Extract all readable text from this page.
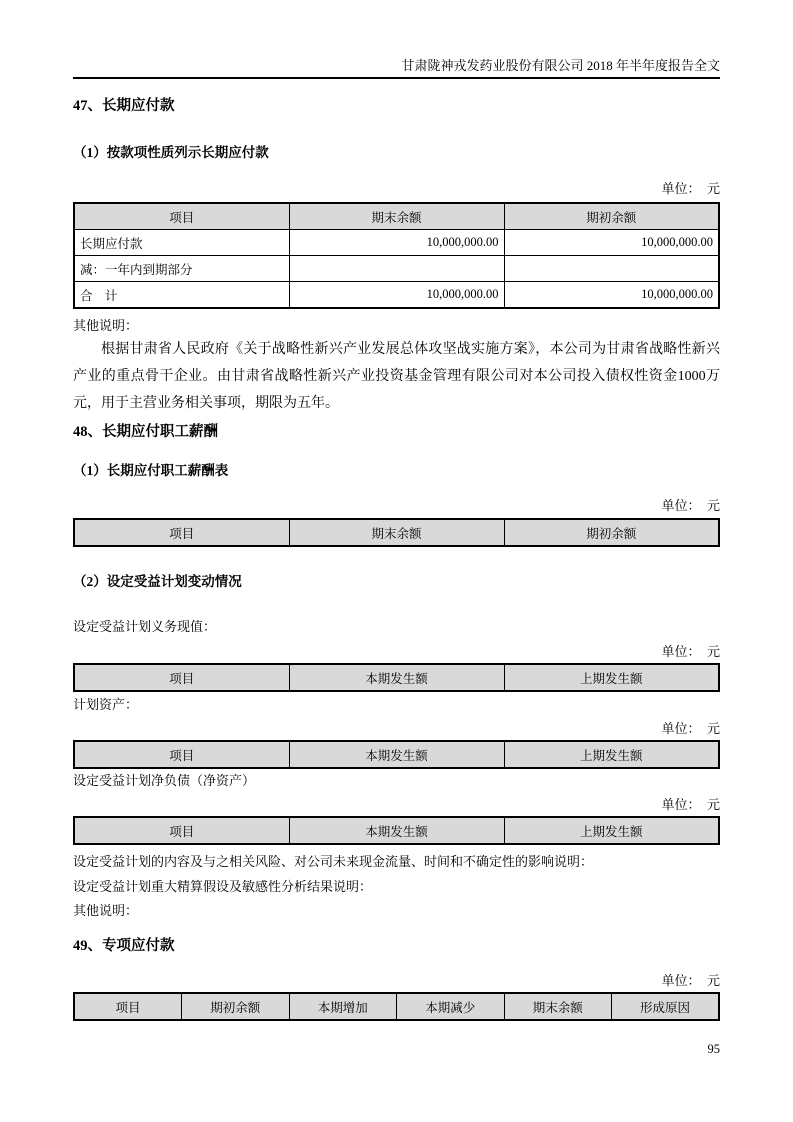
甘肃陇神戎发药业股份有限公司 2018 年半年度报告全文

47、长期应付款

（1）按款项性质列示长期应付款

单位：　元

项目	期末余额	期初余额
长期应付款	10,000,000.00	10,000,000.00
减：一年内到期部分		
合　计	10,000,000.00	10,000,000.00

其他说明：

根据甘肃省人民政府《关于战略性新兴产业发展总体攻坚战实施方案》，本公司为甘肃省战略性新兴产业的重点骨干企业。由甘肃省战略性新兴产业投资基金管理有限公司对本公司投入债权性资金1000万元，用于主营业务相关事项，期限为五年。

48、长期应付职工薪酬

（1）长期应付职工薪酬表

单位：　元

项目	期末余额	期初余额

（2）设定受益计划变动情况

设定受益计划义务现值：

单位：　元

项目	本期发生额	上期发生额

计划资产：

单位：　元

项目	本期发生额	上期发生额

设定受益计划净负债（净资产）

单位：　元

项目	本期发生额	上期发生额

设定受益计划的内容及与之相关风险、对公司未来现金流量、时间和不确定性的影响说明：

设定受益计划重大精算假设及敏感性分析结果说明：

其他说明：

49、专项应付款

单位：　元

项目	期初余额	本期增加	本期减少	期末余额	形成原因
95
